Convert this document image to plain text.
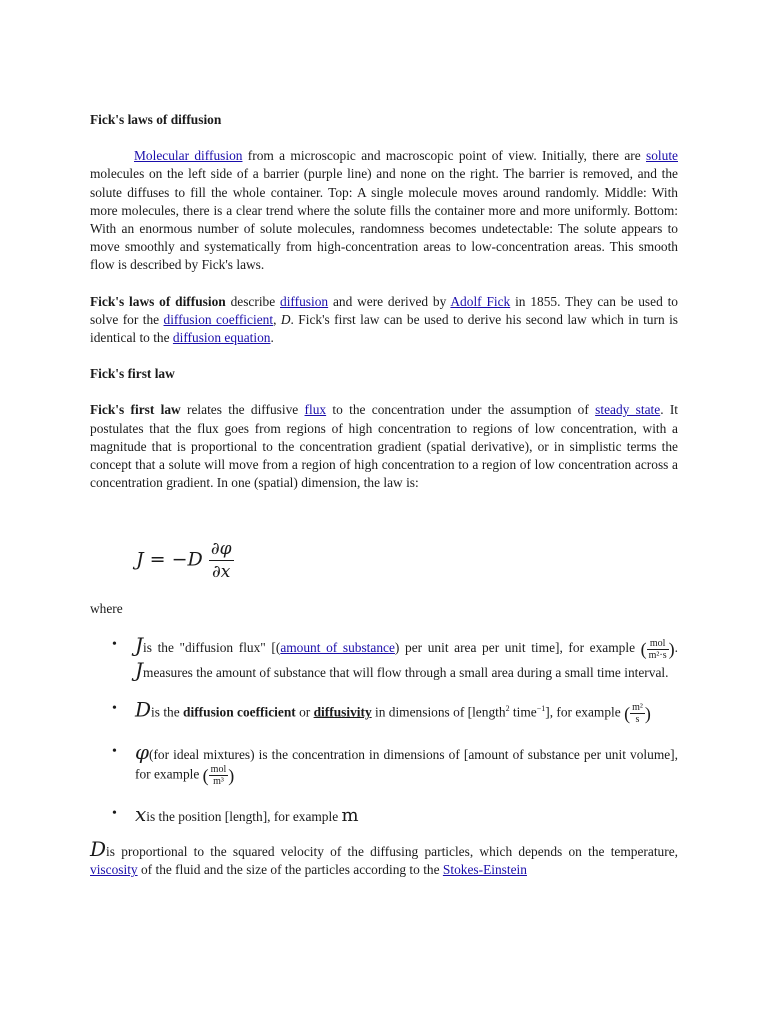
Fick's laws of diffusion

Molecular diffusion from a microscopic and macroscopic point of view. Initially, there are solute molecules on the left side of a barrier (purple line) and none on the right. The barrier is removed, and the solute diffuses to fill the whole container. Top: A single molecule moves around randomly. Middle: With more molecules, there is a clear trend where the solute fills the container more and more uniformly. Bottom: With an enormous number of solute molecules, randomness becomes undetectable: The solute appears to move smoothly and systematically from high-concentration areas to low-concentration areas. This smooth flow is described by Fick's laws.

Fick's laws of diffusion describe diffusion and were derived by Adolf Fick in 1855. They can be used to solve for the diffusion coefficient, D. Fick's first law can be used to derive his second law which in turn is identical to the diffusion equation.

Fick's first law

Fick's first law relates the diffusive flux to the concentration under the assumption of steady state. It postulates that the flux goes from regions of high concentration to regions of low concentration, with a magnitude that is proportional to the concentration gradient (spatial derivative), or in simplistic terms the concept that a solute will move from a region of high concentration to a region of low concentration across a concentration gradient. In one (spatial) dimension, the law is:

$J = -D \frac{\partial\varphi}{\partial x}$

where

• Jis the "diffusion flux" [(amount of substance) per unit area per unit time], for example ( $\frac{\text{mol}}{\text{m²·s}}$ ). Jmeasures the amount of substance that will flow through a small area during a small time interval.
• Dis the diffusion coefficient or diffusivity in dimensions of [length$^2$ time$^{-1}$], for example ( $\frac{\text{m²}}{s}$ )
• φ(for ideal mixtures) is the concentration in dimensions of [amount of substance per unit volume], for example ( $\frac{\text{mol}}{\text{m³}}$ )
• xis the position [length], for example m

Dis proportional to the squared velocity of the diffusing particles, which depends on the temperature, viscosity of the fluid and the size of the particles according to the Stokes-Einstein
